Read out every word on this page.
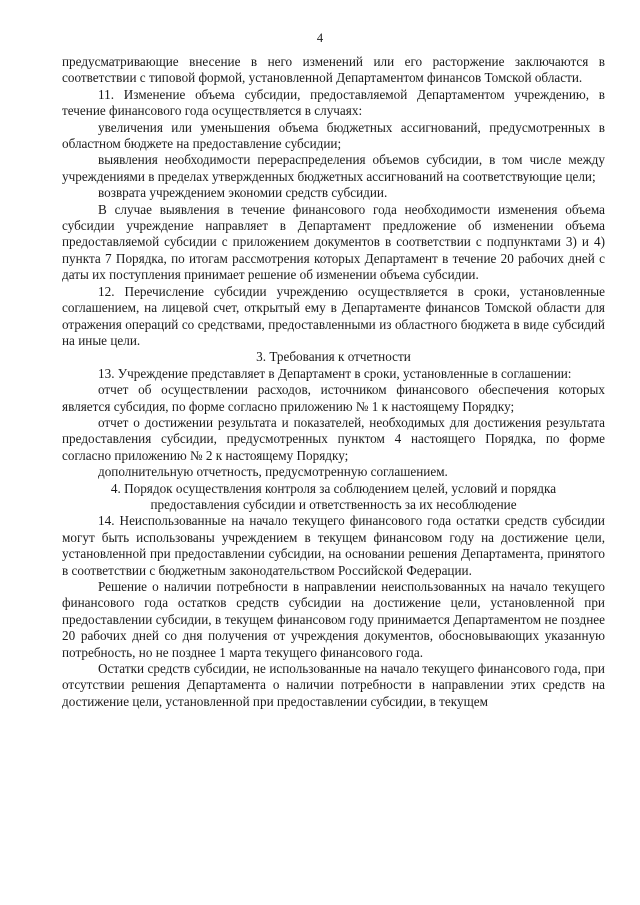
4

предусматривающие внесение в него изменений или его расторжение заключаются в соответствии с типовой формой, установленной Департаментом финансов Томской области.

11. Изменение объема субсидии, предоставляемой Департаментом учреждению, в течение финансового года осуществляется в случаях:

увеличения или уменьшения объема бюджетных ассигнований, предусмотренных в областном бюджете на предоставление субсидии;

выявления необходимости перераспределения объемов субсидии, в том числе между учреждениями в пределах утвержденных бюджетных ассигнований на соответствующие цели;

возврата учреждением экономии средств субсидии.

В случае выявления в течение финансового года необходимости изменения объема субсидии учреждение направляет в Департамент предложение об изменении объема предоставляемой субсидии с приложением документов в соответствии с подпунктами 3) и 4) пункта 7 Порядка, по итогам рассмотрения которых Департамент в течение 20 рабочих дней с даты их поступления принимает решение об изменении объема субсидии.

12. Перечисление субсидии учреждению осуществляется в сроки, установленные соглашением, на лицевой счет, открытый ему в Департаменте финансов Томской области для отражения операций со средствами, предоставленными из областного бюджета в виде субсидий на иные цели.

3. Требования к отчетности

13. Учреждение представляет в Департамент в сроки, установленные в соглашении:

отчет об осуществлении расходов, источником финансового обеспечения которых является субсидия, по форме согласно приложению № 1 к настоящему Порядку;

отчет о достижении результата и показателей, необходимых для достижения результата предоставления субсидии, предусмотренных пунктом 4 настоящего Порядка, по форме согласно приложению № 2 к настоящему Порядку;

дополнительную отчетность, предусмотренную соглашением.

4. Порядок осуществления контроля за соблюдением целей, условий и порядка
предоставления субсидии и ответственность за их несоблюдение

14. Неиспользованные на начало текущего финансового года остатки средств субсидии могут быть использованы учреждением в текущем финансовом году на достижение цели, установленной при предоставлении субсидии, на основании решения Департамента, принятого в соответствии с бюджетным законодательством Российской Федерации.

Решение о наличии потребности в направлении неиспользованных на начало текущего финансового года остатков средств субсидии на достижение цели, установленной при предоставлении субсидии, в текущем финансовом году принимается Департаментом не позднее 20 рабочих дней со дня получения от учреждения документов, обосновывающих указанную потребность, но не позднее 1 марта текущего финансового года.

Остатки средств субсидии, не использованные на начало текущего финансового года, при отсутствии решения Департамента о наличии потребности в направлении этих средств на достижение цели, установленной при предоставлении субсидии, в текущем
